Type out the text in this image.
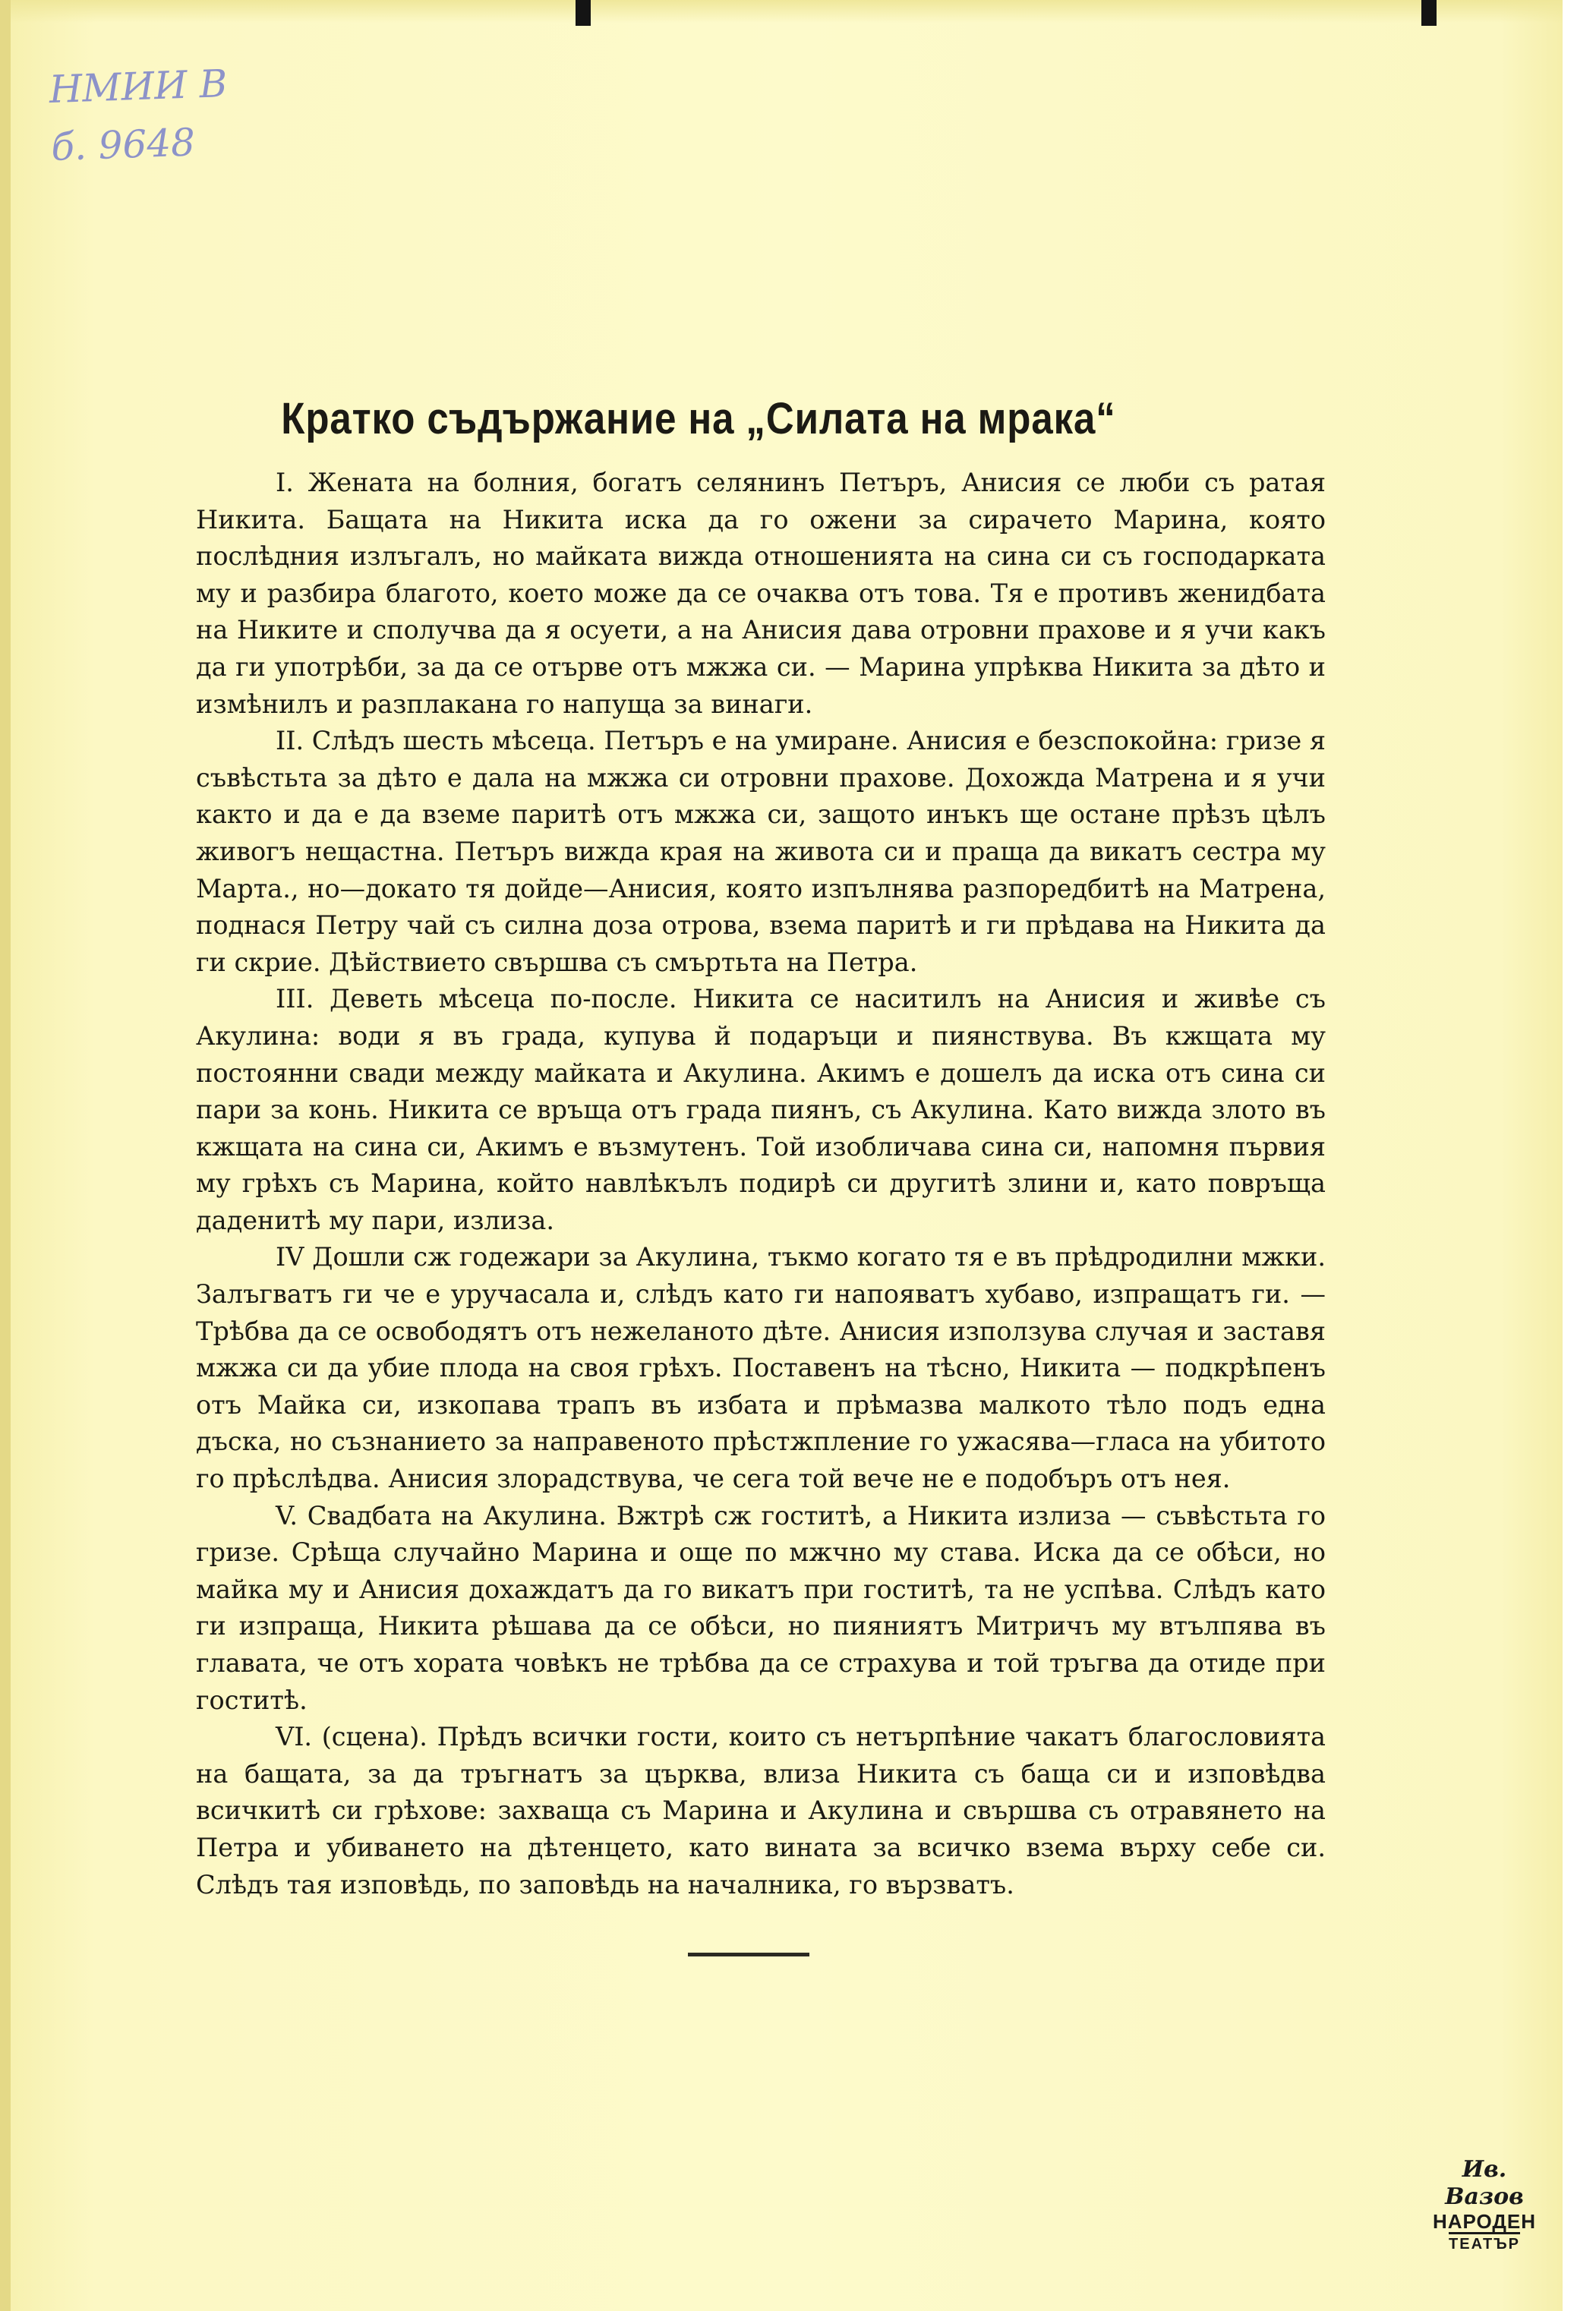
НМИИ В
б. 9648
Кратко съдържание на „Силата на мрака“

I. Жената на болния, богатъ селянинъ Петъръ, Анисия се люби съ ратая Никита. Бащата на Никита иска да го ожени за сирачето Марина, която послѣдния излъгалъ, но майката вижда отношенията на сина си съ господарката му и разбира благото, което може да се очаква отъ това. Тя е противъ женидбата на Никите и сполучва да я осуети, а на Анисия дава отровни прахове и я учи какъ да ги употрѣби, за да се отърве отъ мжжа си. — Марина упрѣква Никита за дѣто и измѣнилъ и разплакана го напуща за винаги.

II. Слѣдъ шесть мѣсеца. Петъръ е на умиране. Анисия е безспокойна: гризе я съвѣстьта за дѣто е дала на мжжа си отровни прахове. Дохожда Матрена и я учи както и да е да вземе паритѣ отъ мжжа си, защото инъкъ ще остане прѣзъ цѣлъ живогъ нещастна. Петъръ вижда края на живота си и праща да викатъ сестра му Марта., но—докато тя дойде—Анисия, която изпълнява разпоредбитѣ на Матрена, поднася Петру чай съ силна доза отрова, взема паритѣ и ги прѣдава на Никита да ги скрие. Дѣйствието свършва съ смъртьта на Петра.

III. Деветь мѣсеца по-после. Никита се наситилъ на Анисия и живѣе съ Акулина: води я въ града, купува й подаръци и пиянствува. Въ кжщата му постоянни свади между майката и Акулина. Акимъ е дошелъ да иска отъ сина си пари за конь. Никита се връща отъ града пиянъ, съ Акулина. Като вижда злото въ кжщата на сина си, Акимъ е възмутенъ. Той изобличава сина си, напомня първия му грѣхъ съ Марина, който навлѣкълъ подирѣ си другитѣ злини и, като повръща даденитѣ му пари, излиза.

IV Дошли сж годежари за Акулина, тъкмо когато тя е въ прѣдродилни мжки. Залъгватъ ги че е уручасала и, слѣдъ като ги напояватъ хубаво, изпращатъ ги. — Трѣбва да се освободятъ отъ нежеланото дѣте. Анисия използува случая и заставя мжжа си да убие плода на своя грѣхъ. Поставенъ на тѣсно, Никита — подкрѣпенъ отъ Майка си, изкопава трапъ въ избата и прѣмазва малкото тѣло подъ една дъска, но съзнанието за направеното прѣстжпление го ужасява—гласа на убитото го прѣслѣдва. Анисия злорадствува, че сега той вече не е подобъръ отъ нея.

V. Свадбата на Акулина. Вжтрѣ сж гоститѣ, а Никита излиза — съвѣстьта го гризе. Срѣща случайно Марина и още по мжчно му става. Иска да се обѣси, но майка му и Анисия дохаждатъ да го викатъ при гоститѣ, та не успѣва. Слѣдъ като ги изпраща, Никита рѣшава да се обѣси, но пияниятъ Митричъ му втълпява въ главата, че отъ хората човѣкъ не трѣбва да се страхува и той тръгва да отиде при гоститѣ.

VI. (сцена). Прѣдъ всички гости, които съ нетърпѣние чакатъ благословията на бащата, за да тръгнатъ за църква, влиза Никита съ баща си и изповѣдва всичкитѣ си грѣхове: захваща съ Марина и Акулина и свършва съ отравянето на Петра и убиването на дѣтенцето, като вината за всичко взема върху себе си. Слѣдъ тая изповѣдь, по заповѣдь на началника, го вързватъ.

Ив. Вазов
НАРОДЕН
ТЕАТЪР
